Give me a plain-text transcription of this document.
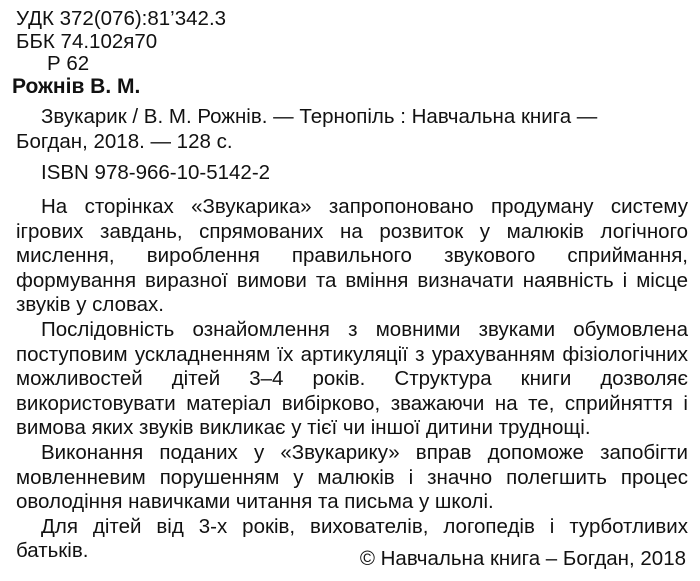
УДК 372(076):81’342.3
ББК 74.102я70
Р 62
Рожнів В. М.
Звукарик / В. М. Рожнів. — Тернопіль : Навчальна книга —
Богдан, 2018. — 128 с.
ISBN 978-966-10-5142-2

На сторінках «Звукарика» запропоновано продуману систему ігрових завдань, спрямованих на розвиток у малюків логічного мислення, вироблення правильного звукового сприймання, формування виразної вимови та вміння визначати наявність і місце звуків у словах.

Послідовність ознайомлення з мовними звуками обумовлена поступовим ускладненням їх артикуляції з урахуванням фізіологічних можливостей дітей 3–4 років. Структура книги дозволяє використовувати матеріал вибірково, зважаючи на те, сприйняття і вимова яких звуків викликає у тієї чи іншої дитини труднощі.

Виконання поданих у «Звукарику» вправ допоможе запобігти мовленневим порушенням у малюків і значно полегшить процес оволодіння навичками читання та письма у школі.

Для дітей від 3-х років, вихователів, логопедів і турботливих батьків.	© Навчальна книга – Богдан, 2018
